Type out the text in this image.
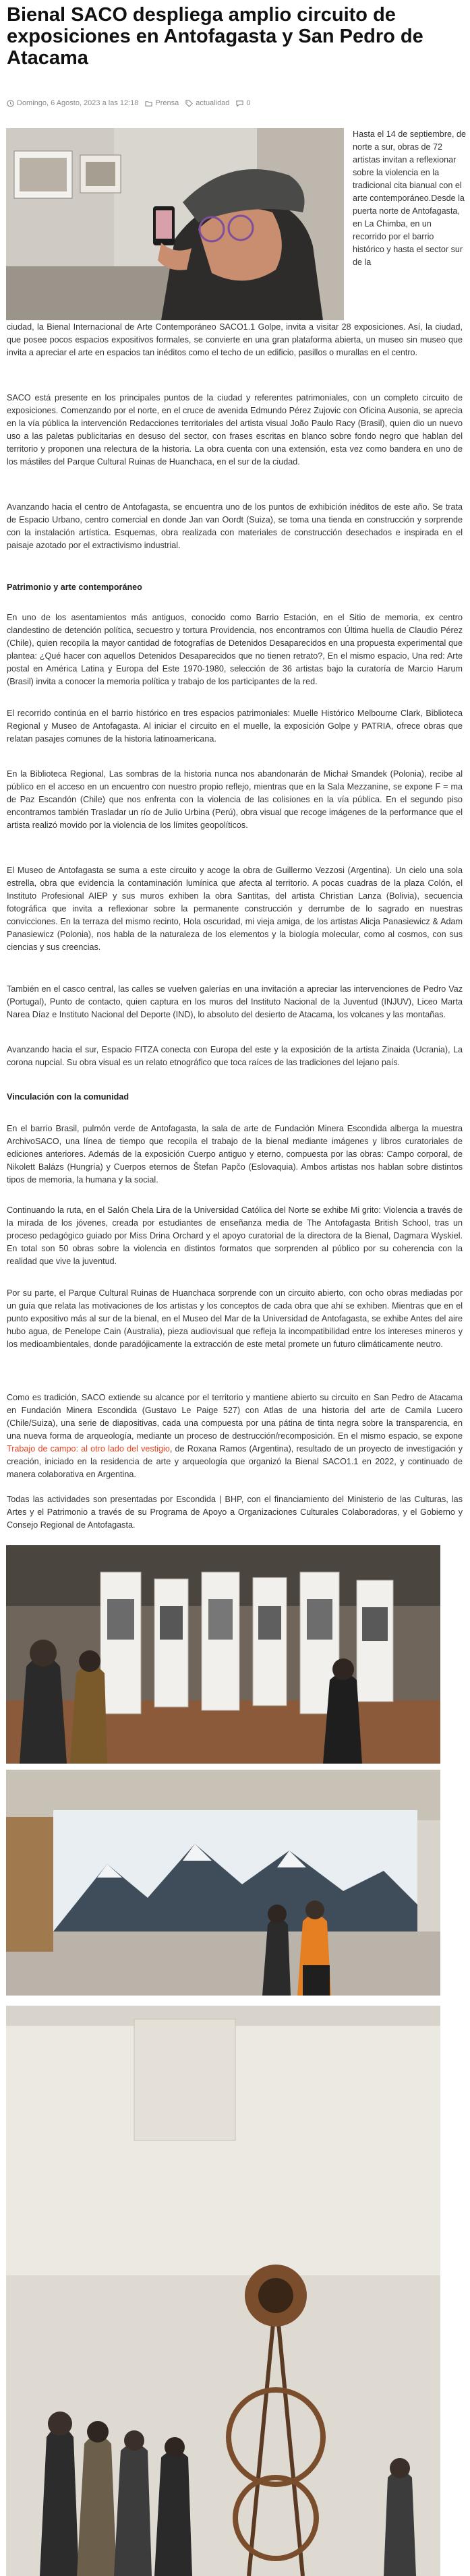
Bienal SACO despliega amplio circuito de exposiciones en Antofagasta y San Pedro de Atacama
Domingo, 6 Agosto, 2023 a las 12:18 Prensa actualidad 0
Hasta el 14 de septiembre, de norte a sur, obras de 72 artistas invitan a reflexionar sobre la violencia en la tradicional cita bianual con el arte contemporáneo.Desde la puerta norte de Antofagasta, en La Chimba, en un recorrido por el barrio histórico y hasta el sector sur de la

ciudad, la Bienal Internacional de Arte Contemporáneo SACO1.1 Golpe, invita a visitar 28 exposiciones. Así, la ciudad, que posee pocos espacios expositivos formales, se convierte en una gran plataforma abierta, un museo sin museo que invita a apreciar el arte en espacios tan inéditos como el techo de un edificio, pasillos o murallas en el centro.

SACO está presente en los principales puntos de la ciudad y referentes patrimoniales, con un completo circuito de exposiciones. Comenzando por el norte, en el cruce de avenida Edmundo Pérez Zujovic con Oficina Ausonia, se aprecia en la vía pública la intervención Redacciones territoriales del artista visual João Paulo Racy (Brasil), quien dio un nuevo uso a las paletas publicitarias en desuso del sector, con frases escritas en blanco sobre fondo negro que hablan del territorio y proponen una relectura de la historia. La obra cuenta con una extensión, esta vez como bandera en uno de los mástiles del Parque Cultural Ruinas de Huanchaca, en el sur de la ciudad.

Avanzando hacia el centro de Antofagasta, se encuentra uno de los puntos de exhibición inéditos de este año. Se trata de Espacio Urbano, centro comercial en donde Jan van Oordt (Suiza), se toma una tienda en construcción y sorprende con la instalación artística. Esquemas, obra realizada con materiales de construcción desechados e inspirada en el paisaje azotado por el extractivismo industrial.

Patrimonio y arte contemporáneo

En uno de los asentamientos más antiguos, conocido como Barrio Estación, en el Sitio de memoria, ex centro clandestino de detención política, secuestro y tortura Providencia, nos encontramos con Última huella de Claudio Pérez (Chile), quien recopila la mayor cantidad de fotografías de Detenidos Desaparecidos en una propuesta experimental que plantea: ¿Qué hacer con aquellos Detenidos Desaparecidos que no tienen retrato?, En el mismo espacio, Una red: Arte postal en América Latina y Europa del Este 1970-1980, selección de 36 artistas bajo la curatoría de Marcio Harum (Brasil) invita a conocer la memoria política y trabajo de los participantes de la red.

El recorrido continúa en el barrio histórico en tres espacios patrimoniales: Muelle Histórico Melbourne Clark, Biblioteca Regional y Museo de Antofagasta. Al iniciar el circuito en el muelle, la exposición Golpe y PATRIA, ofrece obras que relatan pasajes comunes de la historia latinoamericana.

En la Biblioteca Regional, Las sombras de la historia nunca nos abandonarán de Michał Smandek (Polonia), recibe al público en el acceso en un encuentro con nuestro propio reflejo, mientras que en la Sala Mezzanine, se expone F = ma de Paz Escandón (Chile) que nos enfrenta con la violencia de las colisiones en la vía pública. En el segundo piso encontramos también Trasladar un río de Julio Urbina (Perú), obra visual que recoge imágenes de la performance que el artista realizó movido por la violencia de los límites geopolíticos.

El Museo de Antofagasta se suma a este circuito y acoge la obra de Guillermo Vezzosi (Argentina). Un cielo una sola estrella, obra que evidencia la contaminación lumínica que afecta al territorio. A pocas cuadras de la plaza Colón, el Instituto Profesional AIEP y sus muros exhiben la obra Santitas, del artista Christian Lanza (Bolivia), secuencia fotográfica que invita a reflexionar sobre la permanente construcción y derrumbe de lo sagrado en nuestras convicciones. En la terraza del mismo recinto, Hola oscuridad, mi vieja amiga, de los artistas Alicja Panasiewicz & Adam Panasiewicz (Polonia), nos habla de la naturaleza de los elementos y la biología molecular, como al cosmos, con sus ciencias y sus creencias.

También en el casco central, las calles se vuelven galerías en una invitación a apreciar las intervenciones de Pedro Vaz (Portugal), Punto de contacto, quien captura en los muros del Instituto Nacional de la Juventud (INJUV), Liceo Marta Narea Díaz e Instituto Nacional del Deporte (IND), lo absoluto del desierto de Atacama, los volcanes y las montañas.

Avanzando hacia el sur, Espacio FITZA conecta con Europa del este y la exposición de la artista Zinaida (Ucrania), La corona nupcial. Su obra visual es un relato etnográfico que toca raíces de las tradiciones del lejano país.

Vinculación con la comunidad

En el barrio Brasil, pulmón verde de Antofagasta, la sala de arte de Fundación Minera Escondida alberga la muestra ArchivoSACO, una línea de tiempo que recopila el trabajo de la bienal mediante imágenes y libros curatoriales de ediciones anteriores. Además de la exposición Cuerpo antiguo y eterno, compuesta por las obras: Campo corporal, de Nikolett Balázs (Hungría) y Cuerpos eternos de Štefan Papčo (Eslovaquia). Ambos artistas nos hablan sobre distintos tipos de memoria, la humana y la social.

Continuando la ruta, en el Salón Chela Lira de la Universidad Católica del Norte se exhibe Mi grito: Violencia a través de la mirada de los jóvenes, creada por estudiantes de enseñanza media de The Antofagasta British School, tras un proceso pedagógico guiado por Miss Drina Orchard y el apoyo curatorial de la directora de la Bienal, Dagmara Wyskiel. En total son 50 obras sobre la violencia en distintos formatos que sorprenden al público por su coherencia con la realidad que vive la juventud.

Por su parte, el Parque Cultural Ruinas de Huanchaca sorprende con un circuito abierto, con ocho obras mediadas por un guía que relata las motivaciones de los artistas y los conceptos de cada obra que ahí se exhiben. Mientras que en el punto expositivo más al sur de la bienal, en el Museo del Mar de la Universidad de Antofagasta, se exhibe Antes del aire hubo agua, de Penelope Cain (Australia), pieza audiovisual que refleja la incompatibilidad entre los intereses mineros y los medioambientales, donde paradójicamente la extracción de este metal promete un futuro climáticamente neutro.

Como es tradición, SACO extiende su alcance por el territorio y mantiene abierto su circuito en San Pedro de Atacama en Fundación Minera Escondida (Gustavo Le Paige 527) con Atlas de una historia del arte de Camila Lucero (Chile/Suiza), una serie de diapositivas, cada una compuesta por una pátina de tinta negra sobre la transparencia, en una nueva forma de arqueología, mediante un proceso de destrucción/recomposición. En el mismo espacio, se expone Trabajo de campo: al otro lado del vestigio, de Roxana Ramos (Argentina), resultado de un proyecto de investigación y creación, iniciado en la residencia de arte y arqueología que organizó la Bienal SACO1.1 en 2022, y continuado de manera colaborativa en Argentina.

Todas las actividades son presentadas por Escondida | BHP, con el financiamiento del Ministerio de las Culturas, las Artes y el Patrimonio a través de su Programa de Apoyo a Organizaciones Culturales Colaboradoras, y el Gobierno y Consejo Regional de Antofagasta.
